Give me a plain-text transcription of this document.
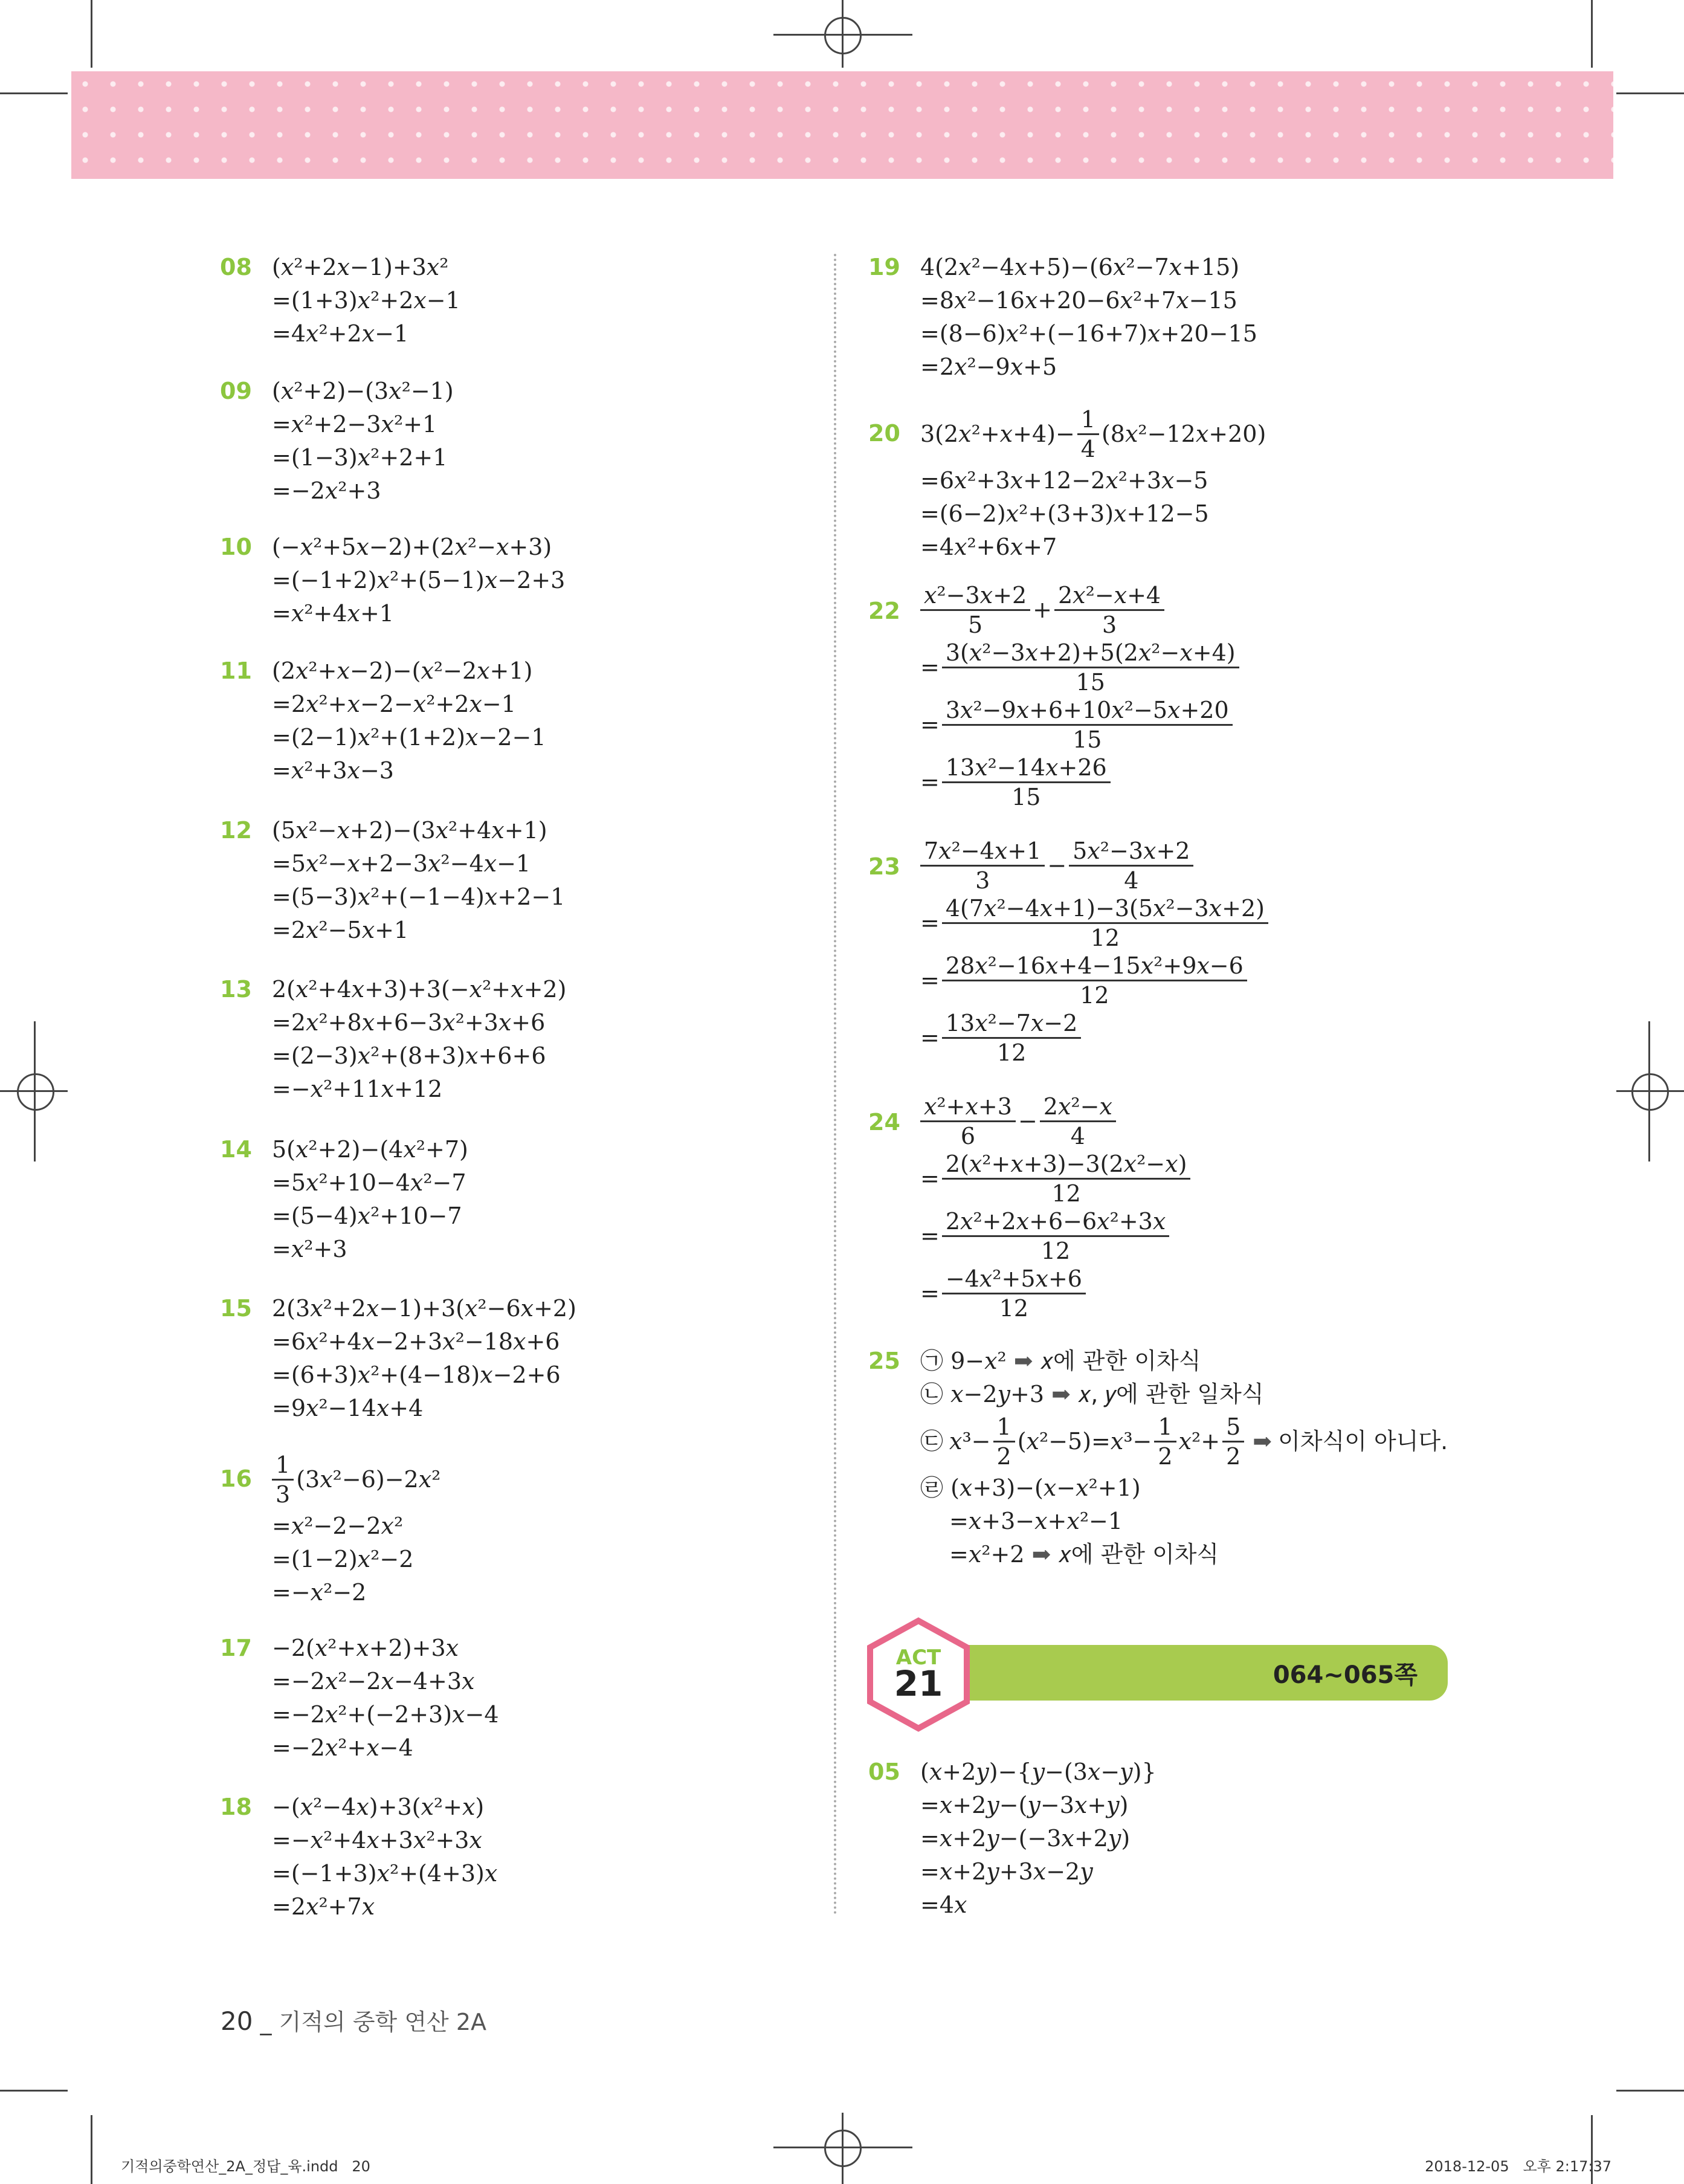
08 (𝑥²+2𝑥−1)+3𝑥²
=(1+3)𝑥²+2𝑥−1
=4𝑥²+2𝑥−1
09 (𝑥²+2)−(3𝑥²−1)
=𝑥²+2−3𝑥²+1
=(1−3)𝑥²+2+1
=−2𝑥²+3
10 (−𝑥²+5𝑥−2)+(2𝑥²−𝑥+3)
=(−1+2)𝑥²+(5−1)𝑥−2+3
=𝑥²+4𝑥+1
11 (2𝑥²+𝑥−2)−(𝑥²−2𝑥+1)
=2𝑥²+𝑥−2−𝑥²+2𝑥−1
=(2−1)𝑥²+(1+2)𝑥−2−1
=𝑥²+3𝑥−3
12 (5𝑥²−𝑥+2)−(3𝑥²+4𝑥+1)
=5𝑥²−𝑥+2−3𝑥²−4𝑥−1
=(5−3)𝑥²+(−1−4)𝑥+2−1
=2𝑥²−5𝑥+1
13 2(𝑥²+4𝑥+3)+3(−𝑥²+𝑥+2)
=2𝑥²+8𝑥+6−3𝑥²+3𝑥+6
=(2−3)𝑥²+(8+3)𝑥+6+6
=−𝑥²+11𝑥+12
14 5(𝑥²+2)−(4𝑥²+7)
=5𝑥²+10−4𝑥²−7
=(5−4)𝑥²+10−7
=𝑥²+3
15 2(3𝑥²+2𝑥−1)+3(𝑥²−6𝑥+2)
=6𝑥²+4𝑥−2+3𝑥²−18𝑥+6
=(6+3)𝑥²+(4−18)𝑥−2+6
=9𝑥²−14𝑥+4
$16 \frac{1}{3}$ (3𝑥²−6)−2𝑥²
=𝑥²−2−2𝑥²
=(1−2)𝑥²−2
=−𝑥²−2
17 −2(𝑥²+𝑥+2)+3𝑥
=−2𝑥²−2𝑥−4+3𝑥
=−2𝑥²+(−2+3)𝑥−4
=−2𝑥²+𝑥−4
18 −(𝑥²−4𝑥)+3(𝑥²+𝑥)
=−𝑥²+4𝑥+3𝑥²+3𝑥
=(−1+3)𝑥²+(4+3)𝑥
=2𝑥²+7𝑥
19 4(2𝑥²−4𝑥+5)−(6𝑥²−7𝑥+15)
=8𝑥²−16𝑥+20−6𝑥²+7𝑥−15
=(8−6)𝑥²+(−16+7)𝑥+20−15
=2𝑥²−9𝑥+5
20 3(2𝑥²+𝑥+4)− $\frac{1}{4}$ (8𝑥²−12𝑥+20)
=6𝑥²+3𝑥+12−2𝑥²+3𝑥−5
=(6−2)𝑥²+(3+3)𝑥+12−5
=4𝑥²+6𝑥+7
$22 \frac{\text{𝑥²−3𝑥+2}}{5} + \frac{\text{2𝑥²−𝑥+4}}{3}$
= $\frac{\text{3(𝑥²−3𝑥+2)+5(2𝑥²−𝑥+4)}}{15}$
= $\frac{\text{3𝑥²−9𝑥+6+10𝑥²−5𝑥+20}}{15}$
= $\frac{\text{13𝑥²−14𝑥+26}}{15}$
$23 \frac{\text{7𝑥²−4𝑥+1}}{3} - \frac{\text{5𝑥²−3𝑥+2}}{4}$
= $\frac{\text{4(7𝑥²−4𝑥+1)−3(5𝑥²−3𝑥+2)}}{12}$
= $\frac{\text{28𝑥²−16𝑥+4−15𝑥²+9𝑥−6}}{12}$
= $\frac{\text{13𝑥²−7𝑥−2}}{12}$
$24 \frac{\text{𝑥²+𝑥+3}}{6} - \frac{\text{2𝑥²−𝑥}}{4}$
= $\frac{\text{2(𝑥²+𝑥+3)−3(2𝑥²−𝑥)}}{12}$
= $\frac{\text{2𝑥²+2𝑥+6−6𝑥²+3𝑥}}{12}$
= $\frac{\text{−4𝑥²+5𝑥+6}}{12}$
25 ㉠ 9−𝑥² ➡ 𝑥에 관한 이차식
㉡ 𝑥−2𝑦+3 ➡ 𝑥, 𝑦에 관한 일차식
㉢ 𝑥³− $\frac{1}{2}$ (𝑥²−5)=𝑥³− $\frac{1}{2}$ 𝑥²+ $\frac{5}{2}$ ➡ 이차식이 아니다.
㉣ (𝑥+3)−(𝑥−𝑥²+1)
=𝑥+3−𝑥+𝑥²−1
=𝑥²+2 ➡ 𝑥에 관한 이차식
064~065쪽
ACT
21
05 (𝑥+2𝑦)−{𝑦−(3𝑥−𝑦)}
=𝑥+2𝑦−(𝑦−3𝑥+𝑦)
=𝑥+2𝑦−(−3𝑥+2𝑦)
=𝑥+2𝑦+3𝑥−2𝑦
=4𝑥
20 _ 기적의 중학 연산 2A
기적의중학연산_2A_정답_육.indd   20	2018-12-05   오후 2:17:37
